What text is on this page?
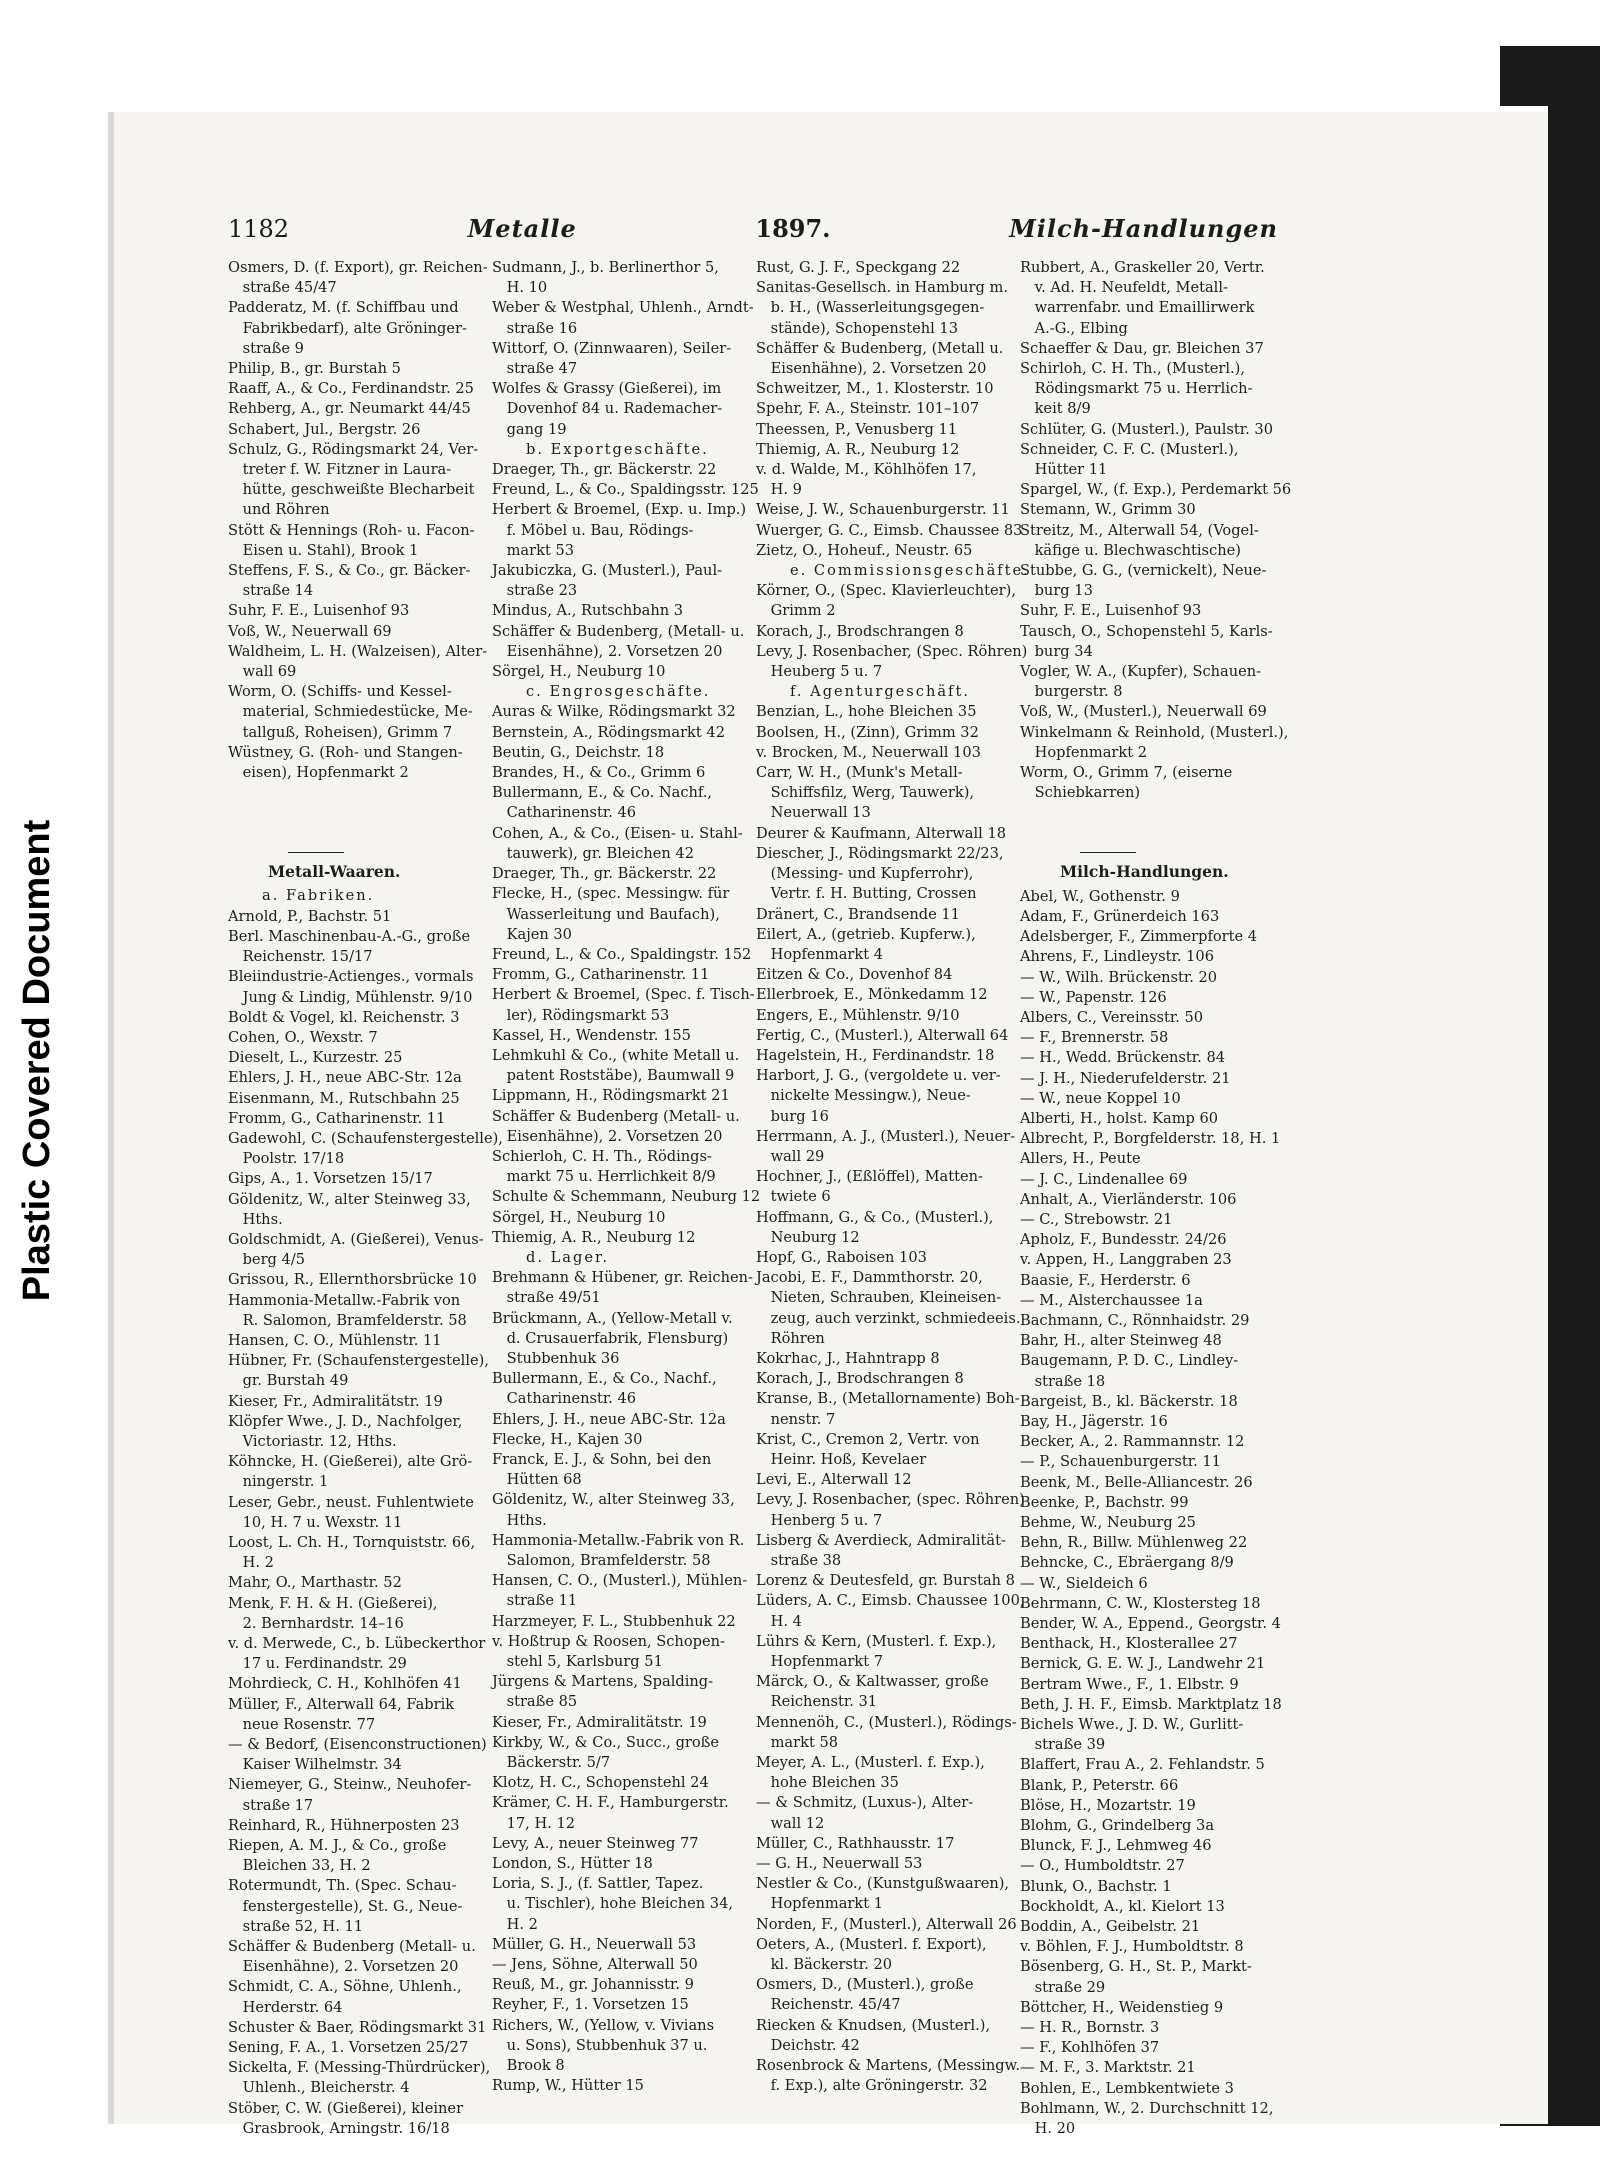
Plastic Covered Document
1182	Metalle	1897.	Milch-Handlungen
Osmers, D. (f. Export), gr. Reichen-
 straße 45/47
Padderatz, M. (f. Schiffbau und
 Fabrikbedarf), alte Gröninger-
 straße 9
Philip, B., gr. Burstah 5
Raaff, A., & Co., Ferdinandstr. 25
Rehberg, A., gr. Neumarkt 44/45
Schabert, Jul., Bergstr. 26
Schulz, G., Rödingsmarkt 24, Ver-
 treter f. W. Fitzner in Laura-
 hütte, geschweißte Blecharbeit
 und Röhren
Stött & Hennings (Roh- u. Facon-
 Eisen u. Stahl), Brook 1
Steffens, F. S., & Co., gr. Bäcker-
 straße 14
Suhr, F. E., Luisenhof 93
Voß, W., Neuerwall 69
Waldheim, L. H. (Walzeisen), Alter-
 wall 69
Worm, O. (Schiffs- und Kessel-
 material, Schmiedestücke, Me-
 tallguß, Roheisen), Grimm 7
Wüstney, G. (Roh- und Stangen-
 eisen), Hopfenmarkt 2
Metall-Waaren.
a. Fabriken.
Arnold, P., Bachstr. 51
Berl. Maschinenbau-A.-G., große
 Reichenstr. 15/17
Bleiindustrie-Actienges., vormals
 Jung & Lindig, Mühlenstr. 9/10
Boldt & Vogel, kl. Reichenstr. 3
Cohen, O., Wexstr. 7
Dieselt, L., Kurzestr. 25
Ehlers, J. H., neue ABC-Str. 12a
Eisenmann, M., Rutschbahn 25
Fromm, G., Catharinenstr. 11
Gadewohl, C. (Schaufenstergestelle),
 Poolstr. 17/18
Gips, A., 1. Vorsetzen 15/17
Göldenitz, W., alter Steinweg 33,
 Hths.
Goldschmidt, A. (Gießerei), Venus-
 berg 4/5
Grissou, R., Ellernthorsbrücke 10
Hammonia-Metallw.-Fabrik von
 R. Salomon, Bramfelderstr. 58
Hansen, C. O., Mühlenstr. 11
Hübner, Fr. (Schaufenstergestelle),
 gr. Burstah 49
Kieser, Fr., Admiralitätstr. 19
Klöpfer Wwe., J. D., Nachfolger,
 Victoriastr. 12, Hths.
Köhncke, H. (Gießerei), alte Grö-
 ningerstr. 1
Leser, Gebr., neust. Fuhlentwiete
 10, H. 7 u. Wexstr. 11
Loost, L. Ch. H., Tornquiststr. 66,
 H. 2
Mahr, O., Marthastr. 52
Menk, F. H. & H. (Gießerei),
 2. Bernhardstr. 14–16
v. d. Merwede, C., b. Lübeckerthor
 17 u. Ferdinandstr. 29
Mohrdieck, C. H., Kohlhöfen 41
Müller, F., Alterwall 64, Fabrik
 neue Rosenstr. 77
— & Bedorf, (Eisenconstructionen)
 Kaiser Wilhelmstr. 34
Niemeyer, G., Steinw., Neuhofer-
 straße 17
Reinhard, R., Hühnerposten 23
Riepen, A. M. J., & Co., große
 Bleichen 33, H. 2
Rotermundt, Th. (Spec. Schau-
 fenstergestelle), St. G., Neue-
 straße 52, H. 11
Schäffer & Budenberg (Metall- u.
 Eisenhähne), 2. Vorsetzen 20
Schmidt, C. A., Söhne, Uhlenh.,
 Herderstr. 64
Schuster & Baer, Rödingsmarkt 31
Sening, F. A., 1. Vorsetzen 25/27
Sickelta, F. (Messing-Thürdrücker),
 Uhlenh., Bleicherstr. 4
Stöber, C. W. (Gießerei), kleiner
 Grasbrook, Arningstr. 16/18
Sudmann, J., b. Berlinerthor 5,
 H. 10
Weber & Westphal, Uhlenh., Arndt-
 straße 16
Wittorf, O. (Zinnwaaren), Seiler-
 straße 47
Wolfes & Grassy (Gießerei), im
 Dovenhof 84 u. Rademacher-
 gang 19
b. Exportgeschäfte.
Draeger, Th., gr. Bäckerstr. 22
Freund, L., & Co., Spaldingsstr. 125
Herbert & Broemel, (Exp. u. Imp.)
 f. Möbel u. Bau, Rödings-
 markt 53
Jakubiczka, G. (Musterl.), Paul-
 straße 23
Mindus, A., Rutschbahn 3
Schäffer & Budenberg, (Metall- u.
 Eisenhähne), 2. Vorsetzen 20
Sörgel, H., Neuburg 10
c. Engrosgeschäfte.
Auras & Wilke, Rödingsmarkt 32
Bernstein, A., Rödingsmarkt 42
Beutin, G., Deichstr. 18
Brandes, H., & Co., Grimm 6
Bullermann, E., & Co. Nachf.,
 Catharinenstr. 46
Cohen, A., & Co., (Eisen- u. Stahl-
 tauwerk), gr. Bleichen 42
Draeger, Th., gr. Bäckerstr. 22
Flecke, H., (spec. Messingw. für
 Wasserleitung und Baufach),
 Kajen 30
Freund, L., & Co., Spaldingstr. 152
Fromm, G., Catharinenstr. 11
Herbert & Broemel, (Spec. f. Tisch-
 ler), Rödingsmarkt 53
Kassel, H., Wendenstr. 155
Lehmkuhl & Co., (white Metall u.
 patent Roststäbe), Baumwall 9
Lippmann, H., Rödingsmarkt 21
Schäffer & Budenberg (Metall- u.
 Eisenhähne), 2. Vorsetzen 20
Schierloh, C. H. Th., Rödings-
 markt 75 u. Herrlichkeit 8/9
Schulte & Schemmann, Neuburg 12
Sörgel, H., Neuburg 10
Thiemig, A. R., Neuburg 12
d. Lager.
Brehmann & Hübener, gr. Reichen-
 straße 49/51
Brückmann, A., (Yellow-Metall v.
 d. Crusauerfabrik, Flensburg)
 Stubbenhuk 36
Bullermann, E., & Co., Nachf.,
 Catharinenstr. 46
Ehlers, J. H., neue ABC-Str. 12a
Flecke, H., Kajen 30
Franck, E. J., & Sohn, bei den
 Hütten 68
Göldenitz, W., alter Steinweg 33,
 Hths.
Hammonia-Metallw.-Fabrik von R.
 Salomon, Bramfelderstr. 58
Hansen, C. O., (Musterl.), Mühlen-
 straße 11
Harzmeyer, F. L., Stubbenhuk 22
v. Hoßtrup & Roosen, Schopen-
 stehl 5, Karlsburg 51
Jürgens & Martens, Spalding-
 straße 85
Kieser, Fr., Admiralitätstr. 19
Kirkby, W., & Co., Succ., große
 Bäckerstr. 5/7
Klotz, H. C., Schopenstehl 24
Krämer, C. H. F., Hamburgerstr.
 17, H. 12
Levy, A., neuer Steinweg 77
London, S., Hütter 18
Loria, S. J., (f. Sattler, Tapez.
 u. Tischler), hohe Bleichen 34,
 H. 2
Müller, G. H., Neuerwall 53
— Jens, Söhne, Alterwall 50
Reuß, M., gr. Johannisstr. 9
Reyher, F., 1. Vorsetzen 15
Richers, W., (Yellow, v. Vivians
 u. Sons), Stubbenhuk 37 u.
 Brook 8
Rump, W., Hütter 15
Rust, G. J. F., Speckgang 22
Sanitas-Gesellsch. in Hamburg m.
 b. H., (Wasserleitungsgegen-
 stände), Schopenstehl 13
Schäffer & Budenberg, (Metall u.
 Eisenhähne), 2. Vorsetzen 20
Schweitzer, M., 1. Klosterstr. 10
Spehr, F. A., Steinstr. 101–107
Theessen, P., Venusberg 11
Thiemig, A. R., Neuburg 12
v. d. Walde, M., Köhlhöfen 17,
 H. 9
Weise, J. W., Schauenburgerstr. 11
Wuerger, G. C., Eimsb. Chaussee 83
Zietz, O., Hoheuf., Neustr. 65
e. Commissionsgeschäfte.
Körner, O., (Spec. Klavierleuchter),
 Grimm 2
Korach, J., Brodschrangen 8
Levy, J. Rosenbacher, (Spec. Röhren)
 Heuberg 5 u. 7
f. Agenturgeschäft.
Benzian, L., hohe Bleichen 35
Boolsen, H., (Zinn), Grimm 32
v. Brocken, M., Neuerwall 103
Carr, W. H., (Munk's Metall-
 Schiffsfilz, Werg, Tauwerk),
 Neuerwall 13
Deurer & Kaufmann, Alterwall 18
Diescher, J., Rödingsmarkt 22/23,
 (Messing- und Kupferrohr),
 Vertr. f. H. Butting, Crossen
Dränert, C., Brandsende 11
Eilert, A., (getrieb. Kupferw.),
 Hopfenmarkt 4
Eitzen & Co., Dovenhof 84
Ellerbroek, E., Mönkedamm 12
Engers, E., Mühlenstr. 9/10
Fertig, C., (Musterl.), Alterwall 64
Hagelstein, H., Ferdinandstr. 18
Harbort, J. G., (vergoldete u. ver-
 nickelte Messingw.), Neue-
 burg 16
Herrmann, A. J., (Musterl.), Neuer-
 wall 29
Hochner, J., (Eßlöffel), Matten-
 twiete 6
Hoffmann, G., & Co., (Musterl.),
 Neuburg 12
Hopf, G., Raboisen 103
Jacobi, E. F., Dammthorstr. 20,
 Nieten, Schrauben, Kleineisen-
 zeug, auch verzinkt, schmiedeeis.
 Röhren
Kokrhac, J., Hahntrapp 8
Korach, J., Brodschrangen 8
Kranse, B., (Metallornamente) Boh-
 nenstr. 7
Krist, C., Cremon 2, Vertr. von
 Heinr. Hoß, Kevelaer
Levi, E., Alterwall 12
Levy, J. Rosenbacher, (spec. Röhren)
 Henberg 5 u. 7
Lisberg & Averdieck, Admiralität-
 straße 38
Lorenz & Deutesfeld, gr. Burstah 8
Lüders, A. C., Eimsb. Chaussee 100,
 H. 4
Lührs & Kern, (Musterl. f. Exp.),
 Hopfenmarkt 7
Märck, O., & Kaltwasser, große
 Reichenstr. 31
Mennenöh, C., (Musterl.), Rödings-
 markt 58
Meyer, A. L., (Musterl. f. Exp.),
 hohe Bleichen 35
— & Schmitz, (Luxus-), Alter-
 wall 12
Müller, C., Rathhausstr. 17
— G. H., Neuerwall 53
Nestler & Co., (Kunstgußwaaren),
 Hopfenmarkt 1
Norden, F., (Musterl.), Alterwall 26
Oeters, A., (Musterl. f. Export),
 kl. Bäckerstr. 20
Osmers, D., (Musterl.), große
 Reichenstr. 45/47
Riecken & Knudsen, (Musterl.),
 Deichstr. 42
Rosenbrock & Martens, (Messingw.
 f. Exp.), alte Gröningerstr. 32
Rubbert, A., Graskeller 20, Vertr.
 v. Ad. H. Neufeldt, Metall-
 warrenfabr. und Emaillirwerk
 A.-G., Elbing
Schaeffer & Dau, gr. Bleichen 37
Schirloh, C. H. Th., (Musterl.),
 Rödingsmarkt 75 u. Herrlich-
 keit 8/9
Schlüter, G. (Musterl.), Paulstr. 30
Schneider, C. F. C. (Musterl.),
 Hütter 11
Spargel, W., (f. Exp.), Perdemarkt 56
Stemann, W., Grimm 30
Streitz, M., Alterwall 54, (Vogel-
 käfige u. Blechwaschtische)
Stubbe, G. G., (vernickelt), Neue-
 burg 13
Suhr, F. E., Luisenhof 93
Tausch, O., Schopenstehl 5, Karls-
 burg 34
Vogler, W. A., (Kupfer), Schauen-
 burgerstr. 8
Voß, W., (Musterl.), Neuerwall 69
Winkelmann & Reinhold, (Musterl.),
 Hopfenmarkt 2
Worm, O., Grimm 7, (eiserne
 Schiebkarren)
Milch-Handlungen.
Abel, W., Gothenstr. 9
Adam, F., Grünerdeich 163
Adelsberger, F., Zimmerpforte 4
Ahrens, F., Lindleystr. 106
— W., Wilh. Brückenstr. 20
— W., Papenstr. 126
Albers, C., Vereinsstr. 50
— F., Brennerstr. 58
— H., Wedd. Brückenstr. 84
— J. H., Niederufelderstr. 21
— W., neue Koppel 10
Alberti, H., holst. Kamp 60
Albrecht, P., Borgfelderstr. 18, H. 1
Allers, H., Peute
— J. C., Lindenallee 69
Anhalt, A., Vierländerstr. 106
— C., Strebowstr. 21
Apholz, F., Bundesstr. 24/26
v. Appen, H., Langgraben 23
Baasie, F., Herderstr. 6
— M., Alsterchaussee 1a
Bachmann, C., Rönnhaidstr. 29
Bahr, H., alter Steinweg 48
Baugemann, P. D. C., Lindley-
 straße 18
Bargeist, B., kl. Bäckerstr. 18
Bay, H., Jägerstr. 16
Becker, A., 2. Rammannstr. 12
— P., Schauenburgerstr. 11
Beenk, M., Belle-Alliancestr. 26
Beenke, P., Bachstr. 99
Behme, W., Neuburg 25
Behn, R., Billw. Mühlenweg 22
Behncke, C., Ebräergang 8/9
— W., Sieldeich 6
Behrmann, C. W., Klostersteg 18
Bender, W. A., Eppend., Georgstr. 4
Benthack, H., Klosterallee 27
Bernick, G. E. W. J., Landwehr 21
Bertram Wwe., F., 1. Elbstr. 9
Beth, J. H. F., Eimsb. Marktplatz 18
Bichels Wwe., J. D. W., Gurlitt-
 straße 39
Blaffert, Frau A., 2. Fehlandstr. 5
Blank, P., Peterstr. 66
Blöse, H., Mozartstr. 19
Blohm, G., Grindelberg 3a
Blunck, F. J., Lehmweg 46
— O., Humboldtstr. 27
Blunk, O., Bachstr. 1
Bockholdt, A., kl. Kielort 13
Boddin, A., Geibelstr. 21
v. Böhlen, F. J., Humboldtstr. 8
Bösenberg, G. H., St. P., Markt-
 straße 29
Böttcher, H., Weidenstieg 9
— H. R., Bornstr. 3
— F., Kohlhöfen 37
— M. F., 3. Marktstr. 21
Bohlen, E., Lembkentwiete 3
Bohlmann, W., 2. Durchschnitt 12,
 H. 20
